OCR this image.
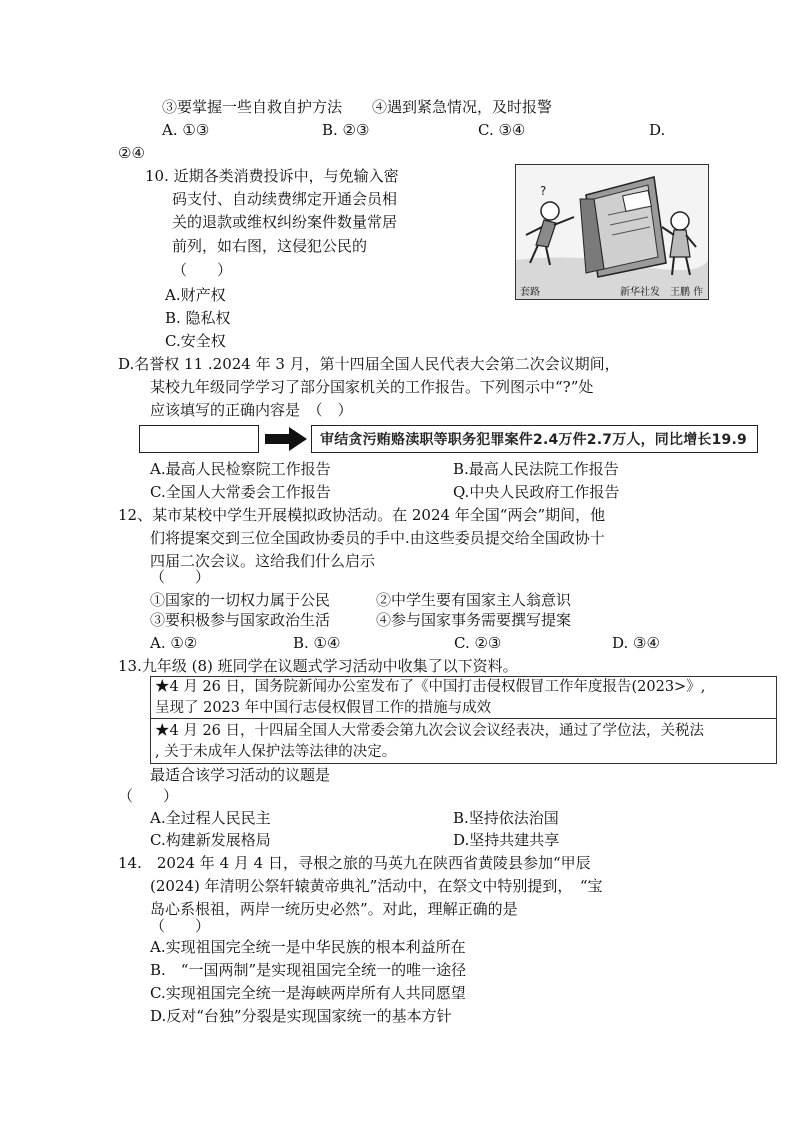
③要掌握一些自救自护方法　　④遇到紧急情况，及时报警
A. ①③	B. ②③	C. ③④	D.
②④
10. 近期各类消费投诉中，与免输入密
码支付、自动续费绑定开通会员相
关的退款或维权纠纷案件数量常居
前列，如右图，这侵犯公民的
（　　）
A.财产权
B. 隐私权
C.安全权
?
套路	新华社发　王鹏 作
D.名誉权 11 .2024 年 3 月，第十四届全国人民代表大会第二次会议期间，
某校九年级同学学习了部分国家机关的工作报告。下列图示中“?”处
应该填写的正确内容是　（　）
审结贪污贿赂渎职等职务犯罪案件2.4万件2.7万人，同比增长19.9
A.最高人民检察院工作报告	B.最高人民法院工作报告
C.全国人大常委会工作报告	Q.中央人民政府工作报告
12、某市某校中学生开展模拟政协活动。在 2024 年全国“两会”期间，他
们将提案交到三位全国政协委员的手中.由这些委员提交给全国政协十
四届二次会议。这给我们什么启示
（　　）
①国家的一切权力属于公民	②中学生要有国家主人翁意识
③要积极参与国家政治生活	④参与国家事务需要撰写提案
A. ①②	B. ①④	C. ②③	D. ③④
13.九年级 (8) 班同学在议题式学习活动中收集了以下资料。
★4 月 26 日，国务院新闻办公室发布了《中国打击侵权假冒工作年度报告(2023>》,
呈现了 2023 年中国行志侵权假冒工作的措施与成效
★4 月 26 日，十四届全国人大常委会第九次会议会议经表决，通过了学位法，关税法
, 关于未成年人保护法等法律的决定。
最适合该学习活动的议题是
（　　）
A.全过程人民民主	B.坚持依法治国
C.构建新发展格局	D.坚持共建共享
14.　2024 年 4 月 4 日，寻根之旅的马英九在陕西省黄陵县参加“甲辰
(2024) 年清明公祭轩辕黄帝典礼”活动中，在祭文中特别提到，　“宝
岛心系根祖，两岸一统历史必然”。对此，理解正确的是
（　　）
A.实现祖国完全统一是中华民族的根本利益所在
B.　“一国两制”是实现祖国完全统一的唯一途径
C.实现祖国完全统一是海峡两岸所有人共同愿望
D.反对“台独”分裂是实现国家统一的基本方针
